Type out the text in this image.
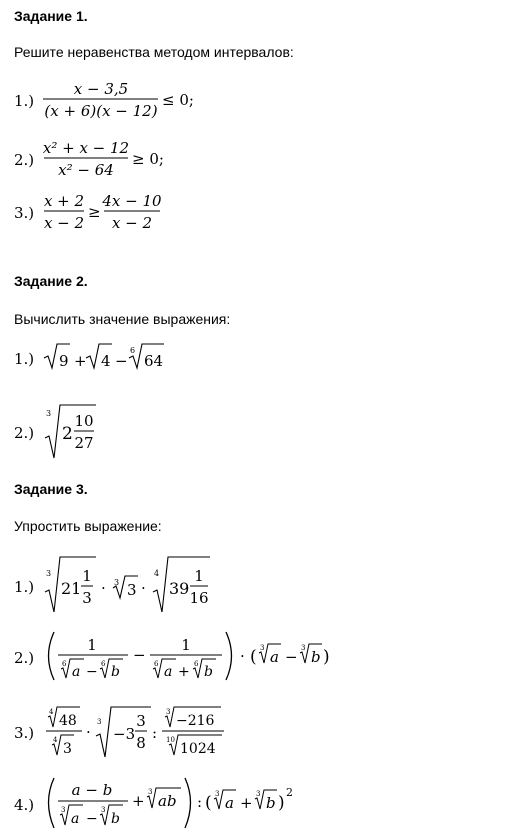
Задание 1.
Решите неравенства методом интервалов:
1.)
x − 3,5
(x + 6)(x − 12)
≤ 0;
2.)
x² + x − 12
x² − 64
≥ 0;
3.)
x + 2
x − 2
≥
4x − 10
x − 2
Задание 2.
Вычислить значение выражения:
1.) 9 + 4 −
6
64
2.)
3
2
10
27
Задание 3.
Упростить выражение:
1.)
3
21
1
3
· 3 3 ·
4
39
1
16
2.)
1
6 a − 6 b
−
1
6 a + 6 b
· ( 3 a − 3 b )
3.)
4
48
4
3
·
3
−3
3
8
:
3
−216
10
1024
4.)
a − b
3
a −
3
b
+ 3 ab : ( 3 a + 3 b )
2
